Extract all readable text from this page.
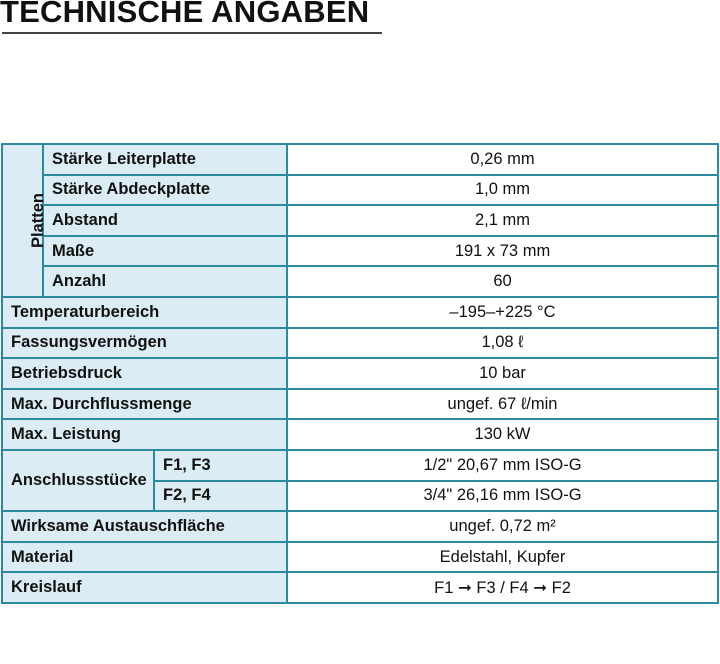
TECHNISCHE ANGABEN
Platten	Stärke Leiterplatte		0,26 mm
	Stärke Abdeckplatte		1,0 mm
	Abstand		2,1 mm
	Maße		191 x 73 mm
	Anzahl		60
Temperaturbereich			–195–+225 °C
Fassungsvermögen			1,08 ℓ
Betriebsdruck			10 bar
Max. Durchflussmenge			ungef. 67 ℓ/min
Max. Leistung			130 kW
Anschlussstücke		F1, F3	1/2" 20,67 mm ISO-G
		F2, F4	3/4" 26,16 mm ISO-G
Wirksame Austauschfläche			ungef. 0,72 m²
Material			Edelstahl, Kupfer
Kreislauf			F1 ➞ F3 / F4 ➞ F2
